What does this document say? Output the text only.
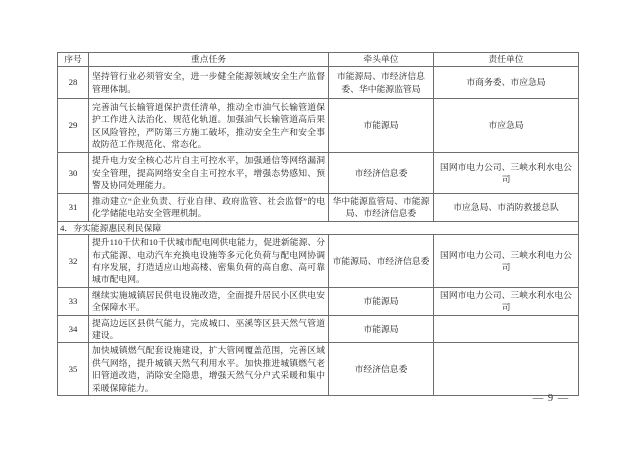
序号	重点任务	牵头单位	责任单位
28	坚持管行业必须管安全，进一步健全能源领域安全生产监督管理体制。	市能源局、市经济信息委、华中能源监管局	市商务委、市应急局
29	完善油气长输管道保护责任清单，推动全市油气长输管道保护工作进入法治化、规范化轨道。加强油气长输管道高后果区风险管控，严防第三方施工破坏，推动安全生产和安全事故防范工作规范化、常态化。	市能源局	市应急局
30	提升电力安全核心芯片自主可控水平，加强通信等网络漏洞安全管理，提高网络安全自主可控水平，增强态势感知、预警及协同处理能力。	市经济信息委	国网市电力公司、三峡水利水电公司
31	推动建立“企业负责、行业自律、政府监管、社会监督”的电化学储能电站安全管理机制。	华中能源监管局、市能源局、市经济信息委	市应急局、市消防救援总队
4．夯实能源惠民利民保障			
32	提升110千伏和10千伏城市配电网供电能力，促进新能源、分布式能源、电动汽车充换电设施等多元化负荷与配电网协调有序发展，打造适应山地高楼、密集负荷的高自愈、高可靠城市配电网。	市能源局、市经济信息委	国网市电力公司、三峡水利电力公司
33	继续实施城镇居民供电设施改造，全面提升居民小区供电安全保障水平。	市能源局	国网市电力公司、三峡水利水电公司
34	提高边远区县供气能力，完成城口、巫溪等区县天然气管道建设。	市能源局	
35	加快城镇燃气配套设施建设，扩大管网覆盖范围，完善区域供气网络，提升城镇天然气利用水平。加快推进城镇燃气老旧管道改造，消除安全隐患，增强天然气分户式采暖和集中采暖保障能力。	市经济信息委	
— 9 —
